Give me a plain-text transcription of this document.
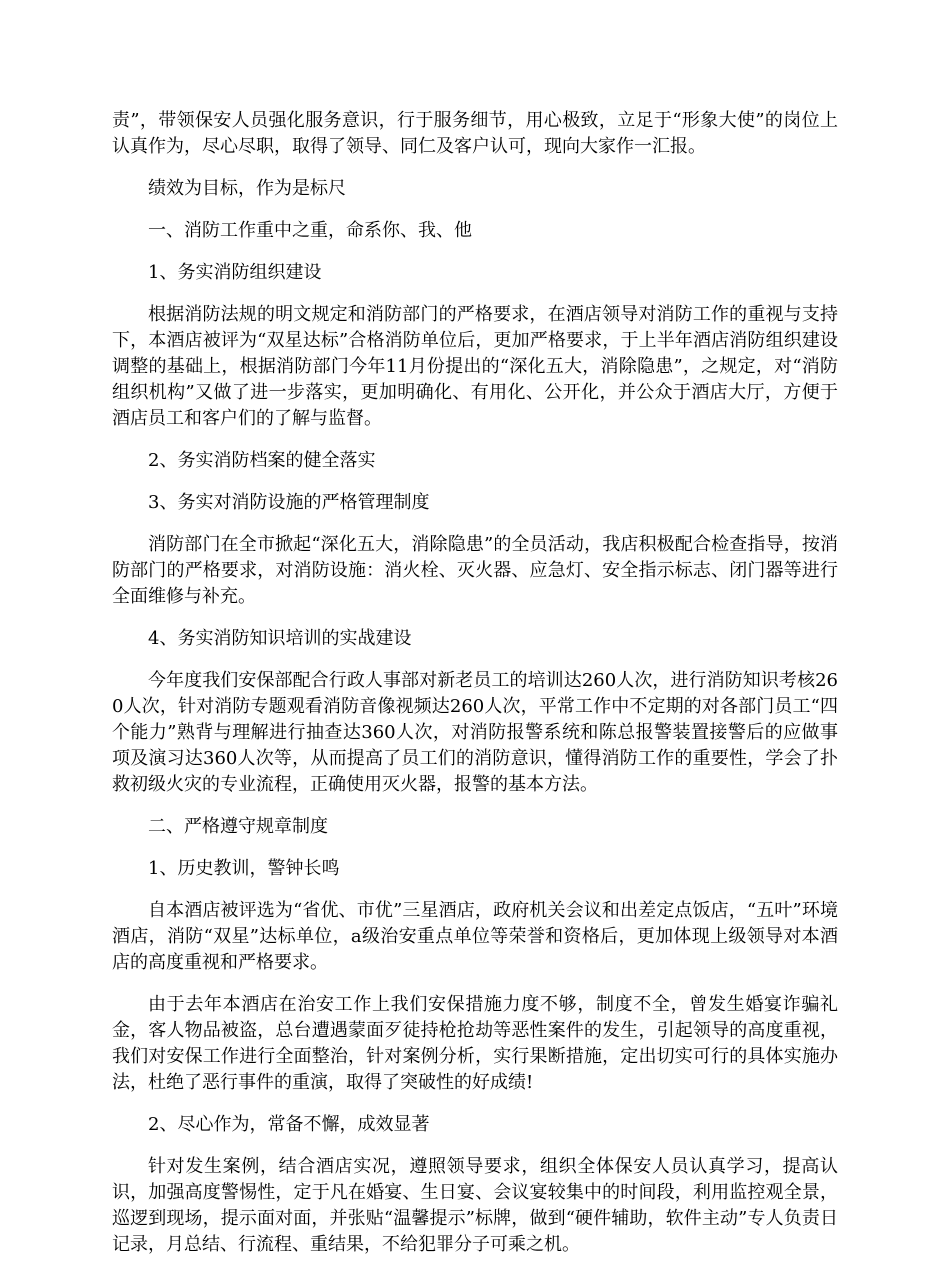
责”，带领保安人员强化服务意识，行于服务细节，用心极致，立足于“形象大使”的岗位上认真作为，尽心尽职，取得了领导、同仁及客户认可，现向大家作一汇报。

绩效为目标，作为是标尺

一、消防工作重中之重，命系你、我、他

1、务实消防组织建设

根据消防法规的明文规定和消防部门的严格要求，在酒店领导对消防工作的重视与支持下，本酒店被评为“双星达标”合格消防单位后，更加严格要求，于上半年酒店消防组织建设调整的基础上，根据消防部门今年11月份提出的“深化五大，消除隐患”，之规定，对“消防组织机构”又做了进一步落实，更加明确化、有用化、公开化，并公众于酒店大厅，方便于酒店员工和客户们的了解与监督。

2、务实消防档案的健全落实

3、务实对消防设施的严格管理制度

消防部门在全市掀起“深化五大，消除隐患”的全员活动，我店积极配合检查指导，按消防部门的严格要求，对消防设施：消火栓、灭火器、应急灯、安全指示标志、闭门器等进行全面维修与补充。

4、务实消防知识培训的实战建设

今年度我们安保部配合行政人事部对新老员工的培训达260人次，进行消防知识考核260人次，针对消防专题观看消防音像视频达260人次，平常工作中不定期的对各部门员工“四个能力”熟背与理解进行抽查达360人次，对消防报警系统和陈总报警装置接警后的应做事项及演习达360人次等，从而提高了员工们的消防意识，懂得消防工作的重要性，学会了扑救初级火灾的专业流程，正确使用灭火器，报警的基本方法。

二、严格遵守规章制度

1、历史教训，警钟长鸣

自本酒店被评选为“省优、市优”三星酒店，政府机关会议和出差定点饭店，“五叶”环境酒店，消防“双星”达标单位，a级治安重点单位等荣誉和资格后，更加体现上级领导对本酒店的高度重视和严格要求。

由于去年本酒店在治安工作上我们安保措施力度不够，制度不全，曾发生婚宴诈骗礼金，客人物品被盗，总台遭遇蒙面歹徒持枪抢劫等恶性案件的发生，引起领导的高度重视，我们对安保工作进行全面整治，针对案例分析，实行果断措施，定出切实可行的具体实施办法，杜绝了恶行事件的重演，取得了突破性的好成绩!

2、尽心作为，常备不懈，成效显著

针对发生案例，结合酒店实况，遵照领导要求，组织全体保安人员认真学习，提高认识，加强高度警惕性，定于凡在婚宴、生日宴、会议宴较集中的时间段，利用监控观全景，巡逻到现场，提示面对面，并张贴“温馨提示”标牌，做到“硬件辅助，软件主动”专人负责日记录，月总结、行流程、重结果，不给犯罪分子可乘之机。
